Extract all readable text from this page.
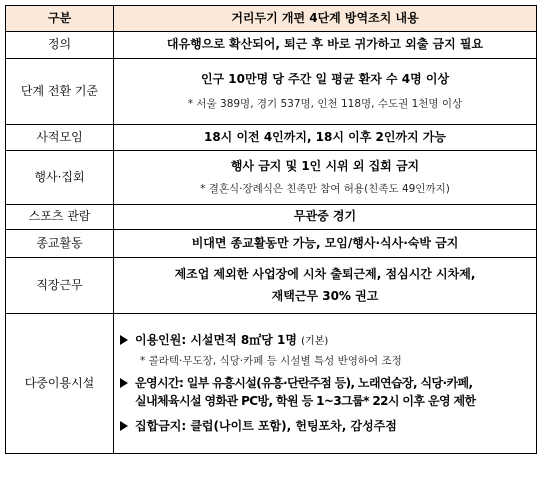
구분	거리두기 개편 4단계 방역조치 내용
정의	대유행으로 확산되어, 퇴근 후 바로 귀가하고 외출 금지 필요
단계 전환 기준	인구 10만명 당 주간 일 평균 환자 수 4명 이상
* 서울 389명, 경기 537명, 인천 118명, 수도권 1천명 이상

사적모임	18시 이전 4인까지, 18시 이후 2인까지 가능
행사·집회	행사 금지 및 1인 시위 외 집회 금지
* 결혼식·장례식은 친족만 참여 허용(친족도 49인까지)

스포츠 관람	무관중 경기
종교활동	비대면 종교활동만 가능, 모임/행사·식사·숙박 금지
직장근무	제조업 제외한 사업장에 시차 출퇴근제, 점심시간 시차제,
재택근무 30% 권고

다중이용시설	이용인원: 시설면적 8㎡당 1명 (기본)
* 콜라텍·무도장, 식당·카페 등 시설별 특성 반영하여 조정
운영시간: 일부 유흥시설(유흥·단란주점 등), 노래연습장, 식당·카페,
실내체육시설 영화관 PC방, 학원 등 1~3그룹* 22시 이후 운영 제한
집합금지: 클럽(나이트 포함), 헌팅포차, 감성주점
